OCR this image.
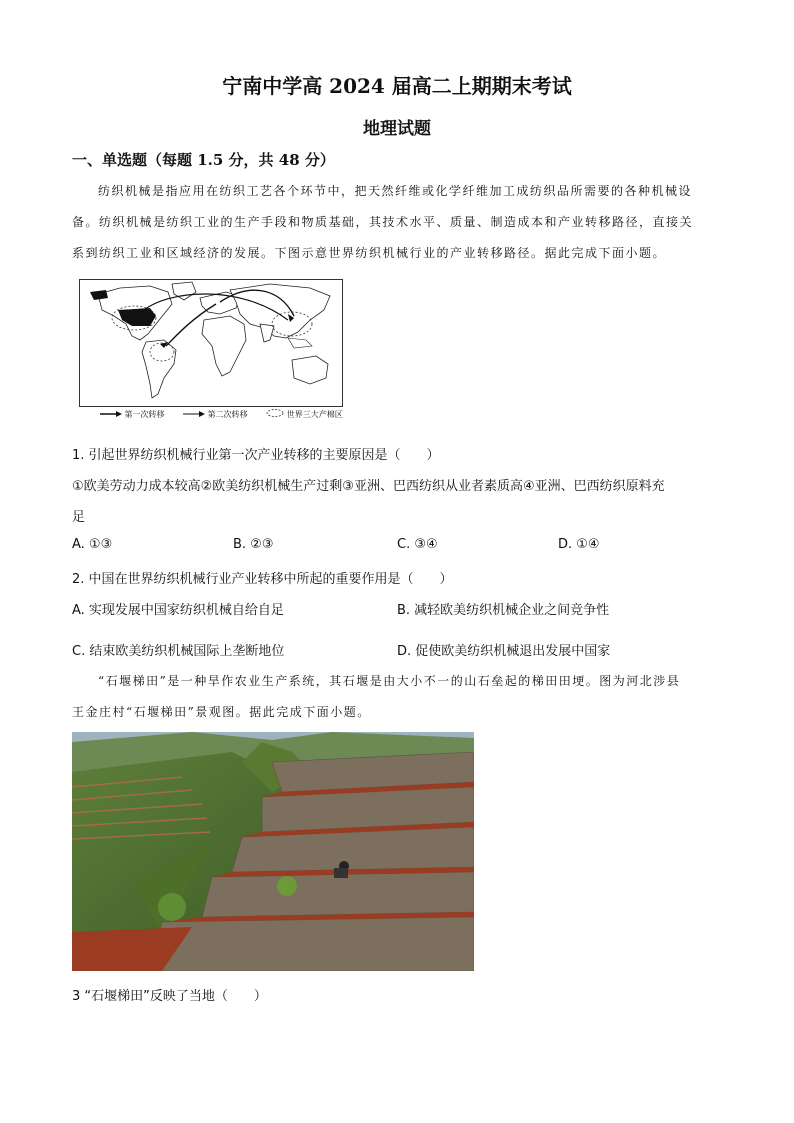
宁南中学高 2024 届高二上期期末考试
地理试题
一、单选题（每题 1.5 分，共 48 分）
纺织机械是指应用在纺织工艺各个环节中，把天然纤维或化学纤维加工成纺织品所需要的各种机械设
备。纺织机械是纺织工业的生产手段和物质基础，其技术水平、质量、制造成本和产业转移路径，直接关
系到纺织工业和区域经济的发展。下图示意世界纺织机械行业的产业转移路径。据此完成下面小题。
第一次转移	第二次转移	世界三大产棉区
1. 引起世界纺织机械行业第一次产业转移的主要原因是（　　）
①欧美劳动力成本较高②欧美纺织机械生产过剩③亚洲、巴西纺织从业者素质高④亚洲、巴西纺织原料充
足
A. ①③	B. ②③	C. ③④	D. ①④
2. 中国在世界纺织机械行业产业转移中所起的重要作用是（　　）
A. 实现发展中国家纺织机械自给自足	B. 减轻欧美纺织机械企业之间竞争性
C. 结束欧美纺织机械国际上垄断地位	D. 促使欧美纺织机械退出发展中国家
“石堰梯田”是一种旱作农业生产系统，其石堰是由大小不一的山石垒起的梯田田埂。图为河北涉县
王金庄村“石堰梯田”景观图。据此完成下面小题。
3 “石堰梯田”反映了当地（　　）
